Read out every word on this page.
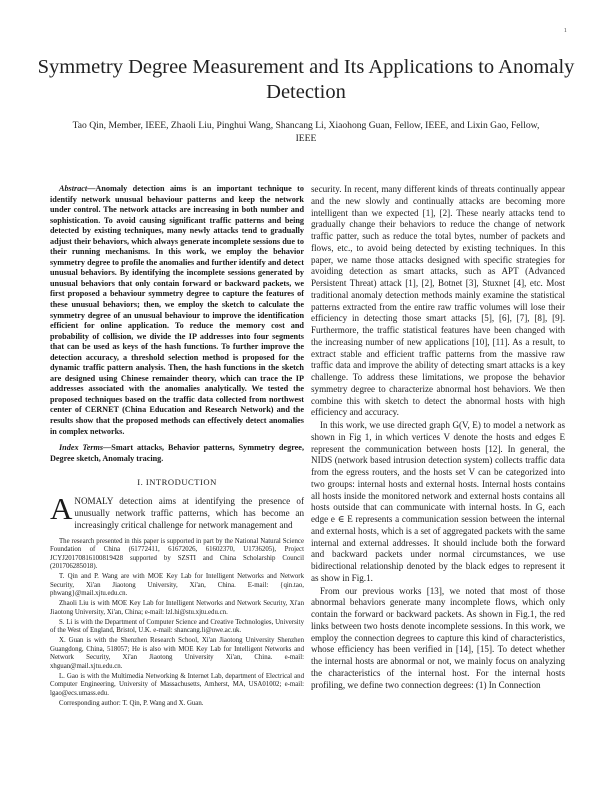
1
Symmetry Degree Measurement and Its Applications to Anomaly Detection
Tao Qin, Member, IEEE, Zhaoli Liu, Pinghui Wang, Shancang Li, Xiaohong Guan, Fellow, IEEE, and Lixin Gao, Fellow, IEEE

Abstract—Anomaly detection aims is an important technique to identify network unusual behaviour patterns and keep the network under control. The network attacks are increasing in both number and sophistication. To avoid causing significant traffic patterns and being detected by existing techniques, many newly attacks tend to gradually adjust their behaviors, which always generate incomplete sessions due to their running mechanisms. In this work, we employ the behavior symmetry degree to profile the anomalies and further identify and detect unusual behaviors. By identifying the incomplete sessions generated by unusual behaviors that only contain forward or backward packets, we first proposed a behaviour symmetry degree to capture the features of these unusual behaviors; then, we employ the sketch to calculate the symmetry degree of an unusual behaviour to improve the identification efficient for online application. To reduce the memory cost and probability of collision, we divide the IP addresses into four segments that can be used as keys of the hash functions. To further improve the detection accuracy, a threshold selection method is proposed for the dynamic traffic pattern analysis. Then, the hash functions in the sketch are designed using Chinese remainder theory, which can trace the IP addresses associated with the anomalies analytically. We tested the proposed techniques based on the traffic data collected from northwest center of CERNET (China Education and Research Network) and the results show that the proposed methods can effectively detect anomalies in complex networks.

Index Terms—Smart attacks, Behavior patterns, Symmetry degree, Degree sketch, Anomaly tracing.

I. INTRODUCTION

ANOMALY detection aims at identifying the presence of unusually network traffic patterns, which has become an increasingly critical challenge for network management and

The research presented in this paper is supported in part by the National Natural Science Foundation of China (61772411, 61672026, 61602370, U1736205), Project JCYJ20170816100819428 supported by SZSTI and China Scholarship Council (201706285018).

T. Qin and P. Wang are with MOE Key Lab for Intelligent Networks and Network Security, Xi'an Jiaotong University, Xi'an, China. E-mail: {qin.tao, phwang}@mail.xjtu.edu.cn.

Zhaoli Liu is with MOE Key Lab for Intelligent Networks and Network Security, Xi'an Jiaotong University, Xi'an, China; e-mail: lzl.hi@stu.xjtu.edu.cn.

S. Li is with the Department of Computer Science and Creative Technologies, University of the West of England, Bristol, U.K. e-mail: shancang.li@uwe.ac.uk.

X. Guan is with the Shenzhen Research School, Xi'an Jiaotong University Shenzhen Guangdong, China, 518057; He is also with MOE Key Lab for Intelligent Networks and Network Security, Xi'an Jiaotong University Xi'an, China. e-mail: xhguan@mail.xjtu.edu.cn.

L. Gao is with the Multimedia Networking & Internet Lab, department of Electrical and Computer Engineering, University of Massachusetts, Amherst, MA, USA01002; e-mail: lgao@ecs.umass.edu.

Corresponding author: T. Qin, P. Wang and X. Guan.

security. In recent, many different kinds of threats continually appear and the new slowly and continually attacks are becoming more intelligent than we expected [1], [2]. These nearly attacks tend to gradually change their behaviors to reduce the change of network traffic patter, such as reduce the total bytes, number of packets and flows, etc., to avoid being detected by existing techniques. In this paper, we name those attacks designed with specific strategies for avoiding detection as smart attacks, such as APT (Advanced Persistent Threat) attack [1], [2], Botnet [3], Stuxnet [4], etc. Most traditional anomaly detection methods mainly examine the statistical patterns extracted from the entire raw traffic volumes will lose their efficiency in detecting those smart attacks [5], [6], [7], [8], [9]. Furthermore, the traffic statistical features have been changed with the increasing number of new applications [10], [11]. As a result, to extract stable and efficient traffic patterns from the massive raw traffic data and improve the ability of detecting smart attacks is a key challenge. To address these limitations, we propose the behavior symmetry degree to characterize abnormal host behaviors. We then combine this with sketch to detect the abnormal hosts with high efficiency and accuracy.

In this work, we use directed graph G(V, E) to model a network as shown in Fig 1, in which vertices V denote the hosts and edges E represent the communication between hosts [12]. In general, the NIDS (network based intrusion detection system) collects traffic data from the egress routers, and the hosts set V can be categorized into two groups: internal hosts and external hosts. Internal hosts contains all hosts inside the monitored network and external hosts contains all hosts outside that can communicate with internal hosts. In G, each edge e ∈ E represents a communication session between the internal and external hosts, which is a set of aggregated packets with the same internal and external addresses. It should include both the forward and backward packets under normal circumstances, we use bidirectional relationship denoted by the black edges to represent it as show in Fig.1.

From our previous works [13], we noted that most of those abnormal behaviors generate many incomplete flows, which only contain the forward or backward packets. As shown in Fig.1, the red links between two hosts denote incomplete sessions. In this work, we employ the connection degrees to capture this kind of characteristics, whose efficiency has been verified in [14], [15]. To detect whether the internal hosts are abnormal or not, we mainly focus on analyzing the characteristics of the internal host. For the internal hosts profiling, we define two connection degrees: (1) In Connection
